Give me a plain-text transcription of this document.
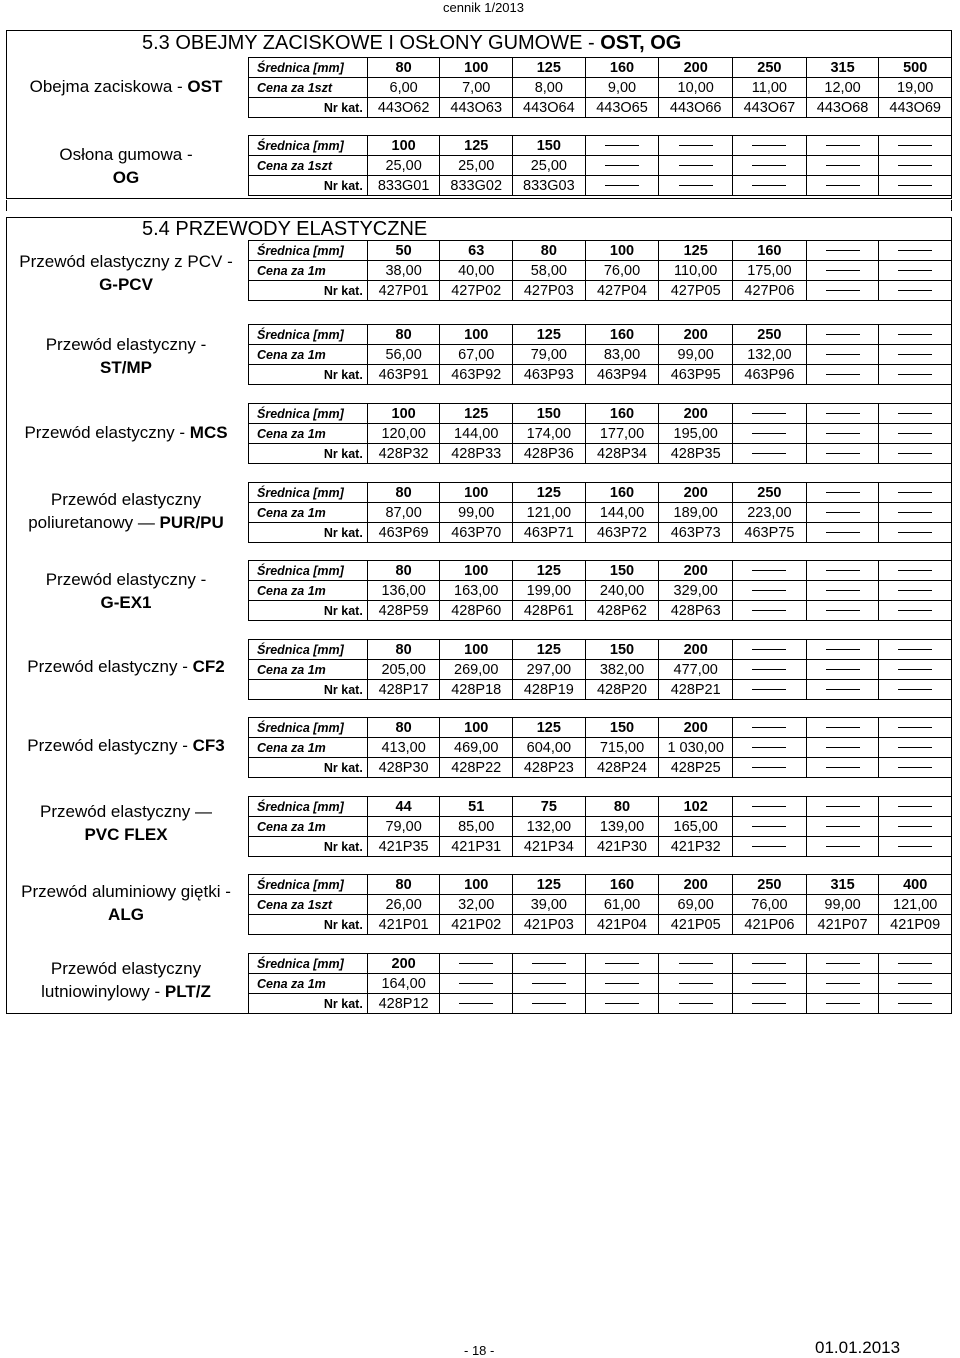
cennik 1/2013
5.3 OBEJMY ZACISKOWE I OSŁONY GUMOWE - OST, OG
5.4 PRZEWODY ELASTYCZNE
Obejma zaciskowa - OST
Średnica [mm]	80	100	125	160	200	250	315	500
Cena za 1szt	6,00	7,00	8,00	9,00	10,00	11,00	12,00	19,00
Nr kat.	443O62	443O63	443O64	443O65	443O66	443O67	443O68	443O69
Osłona gumowa -
OG
Średnica [mm]	100	125	150					
Cena za 1szt	25,00	25,00	25,00					
Nr kat.	833G01	833G02	833G03					
Przewód elastyczny z PCV -
G-PCV
Średnica [mm]	50	63	80	100	125	160		
Cena za 1m	38,00	40,00	58,00	76,00	110,00	175,00		
Nr kat.	427P01	427P02	427P03	427P04	427P05	427P06		
Przewód elastyczny -
ST/MP
Średnica [mm]	80	100	125	160	200	250		
Cena za 1m	56,00	67,00	79,00	83,00	99,00	132,00		
Nr kat.	463P91	463P92	463P93	463P94	463P95	463P96		
Przewód elastyczny - MCS
Średnica [mm]	100	125	150	160	200			
Cena za 1m	120,00	144,00	174,00	177,00	195,00			
Nr kat.	428P32	428P33	428P36	428P34	428P35			
Przewód elastyczny
poliuretanowy — PUR/PU
Średnica [mm]	80	100	125	160	200	250		
Cena za 1m	87,00	99,00	121,00	144,00	189,00	223,00		
Nr kat.	463P69	463P70	463P71	463P72	463P73	463P75		
Przewód elastyczny -
G-EX1
Średnica [mm]	80	100	125	150	200			
Cena za 1m	136,00	163,00	199,00	240,00	329,00			
Nr kat.	428P59	428P60	428P61	428P62	428P63			
Przewód elastyczny - CF2
Średnica [mm]	80	100	125	150	200			
Cena za 1m	205,00	269,00	297,00	382,00	477,00			
Nr kat.	428P17	428P18	428P19	428P20	428P21			
Przewód elastyczny - CF3
Średnica [mm]	80	100	125	150	200			
Cena za 1m	413,00	469,00	604,00	715,00	1 030,00			
Nr kat.	428P30	428P22	428P23	428P24	428P25			
Przewód elastyczny —
PVC FLEX
Średnica [mm]	44	51	75	80	102			
Cena za 1m	79,00	85,00	132,00	139,00	165,00			
Nr kat.	421P35	421P31	421P34	421P30	421P32			
Przewód aluminiowy giętki -
ALG
Średnica [mm]	80	100	125	160	200	250	315	400
Cena za 1szt	26,00	32,00	39,00	61,00	69,00	76,00	99,00	121,00
Nr kat.	421P01	421P02	421P03	421P04	421P05	421P06	421P07	421P09
Przewód elastyczny
lutniowinylowy - PLT/Z
Średnica [mm]	200							
Cena za 1m	164,00							
Nr kat.	428P12							
- 18 -	01.01.2013
